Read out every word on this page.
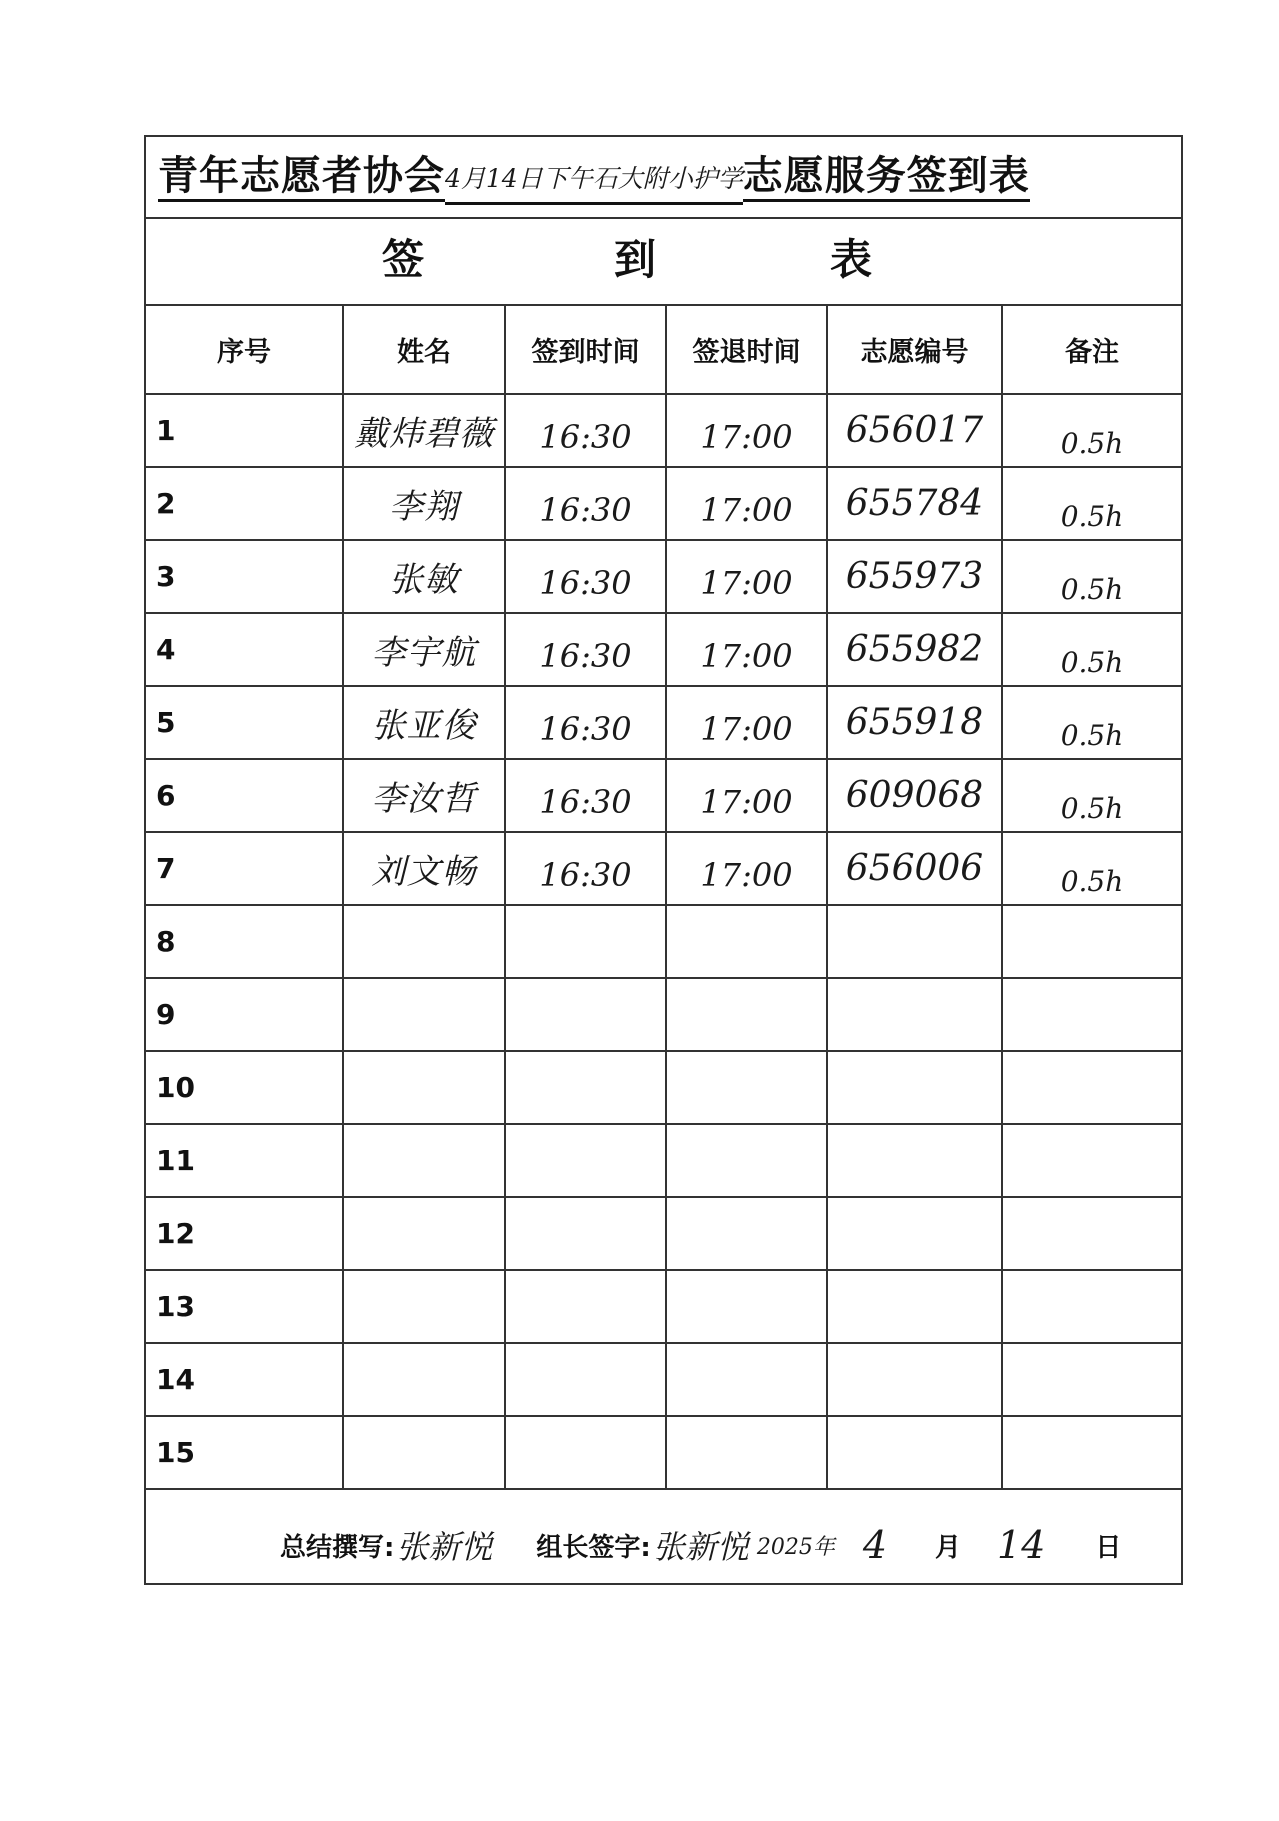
青年志愿者协会 4月14日下午石大附小护学 志愿服务签到表
签	到	表
序号	姓名	签到时间	签退时间	志愿编号	备注
1	戴炜碧薇	16:30	17:00	656017	0.5h
2	李翔	16:30	17:00	655784	0.5h
3	张敏	16:30	17:00	655973	0.5h
4	李宇航	16:30	17:00	655982	0.5h
5	张亚俊	16:30	17:00	655918	0.5h
6	李汝哲	16:30	17:00	609068	0.5h
7	刘文畅	16:30	17:00	656006	0.5h
8					
9					
10					
11					
12					
13					
14					
15					
总结撰写: 张新悦 组长签字: 张新悦 2025年 4 月 14 日
